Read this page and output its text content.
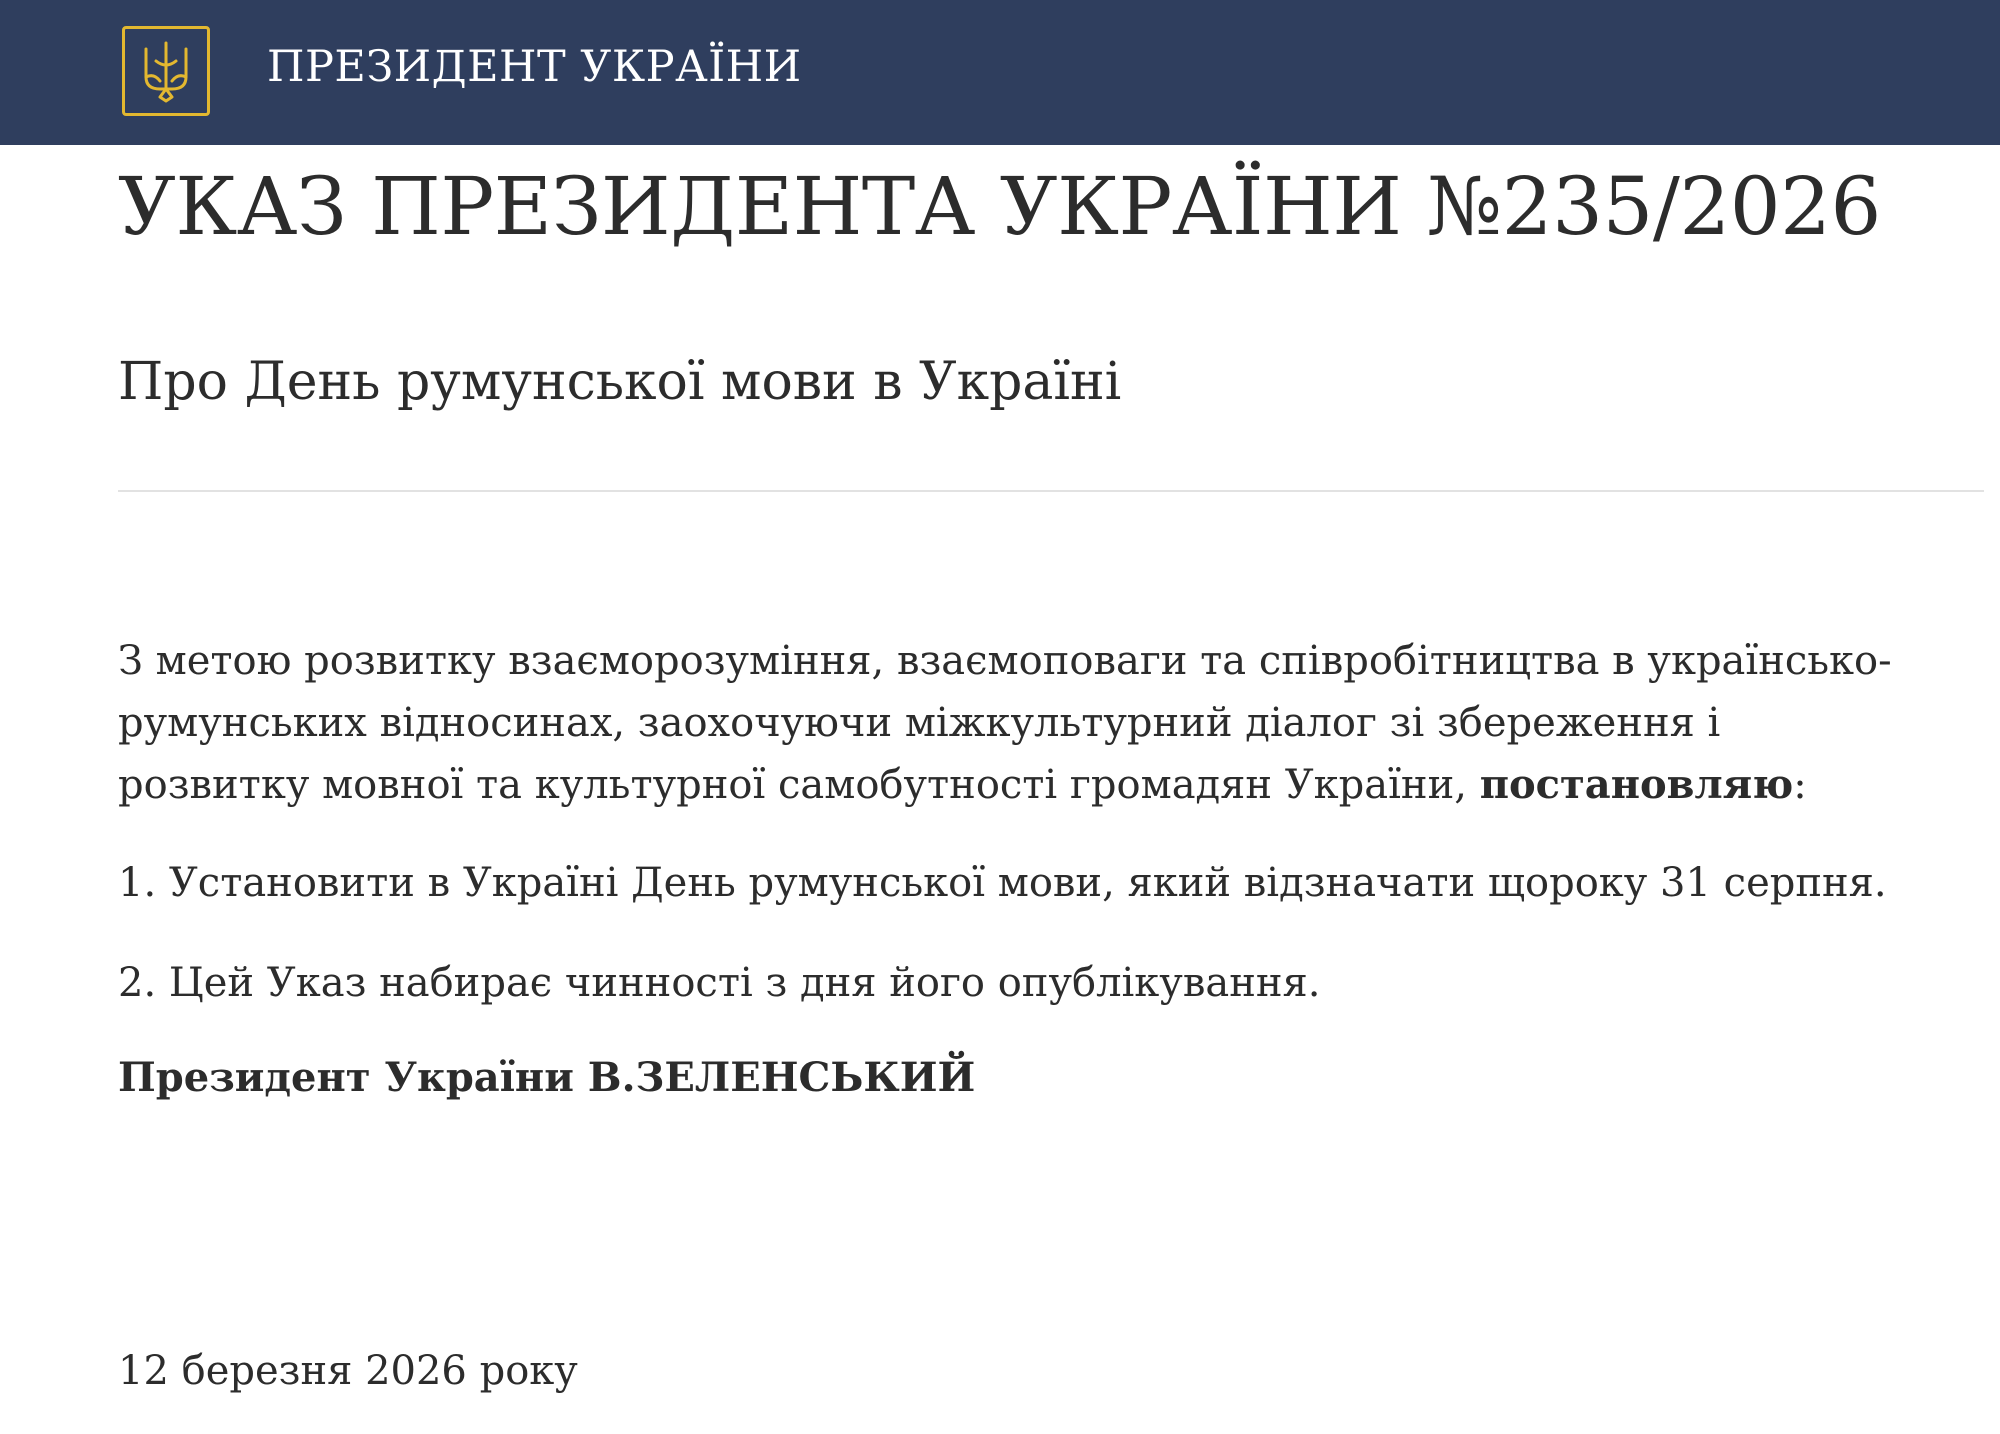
ПРЕЗИДЕНТ УКРАЇНИ
УКАЗ ПРЕЗИДЕНТА УКРАЇНИ №235/2026
Про День румунської мови в Україні

З метою розвитку взаєморозуміння, взаємоповаги та співробітництва в українсько-румунських відносинах, заохочуючи міжкультурний діалог зі збереження і розвитку мовної та культурної самобутності громадян України, постановляю:

1. Установити в Україні День румунської мови, який відзначати щороку 31 серпня.

2. Цей Указ набирає чинності з дня його опублікування.

Президент України В.ЗЕЛЕНСЬКИЙ

12 березня 2026 року
